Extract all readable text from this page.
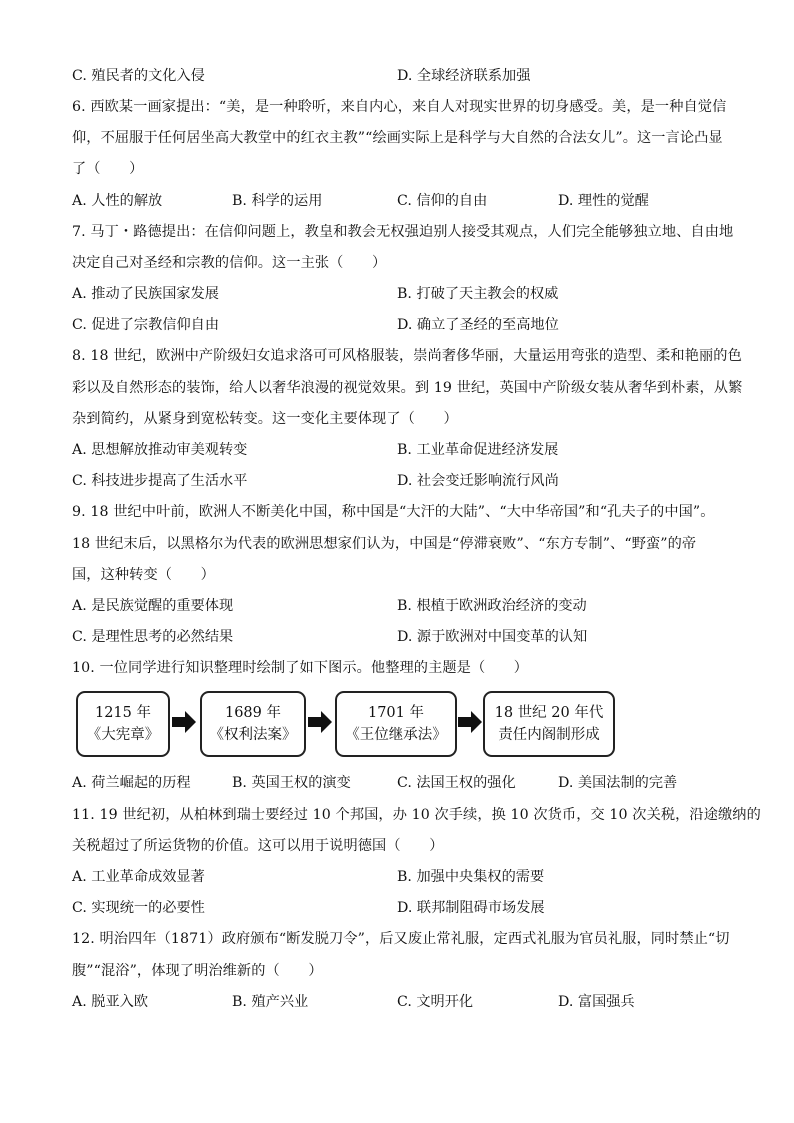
C. 殖民者的文化入侵	D. 全球经济联系加强
6. 西欧某一画家提出：“美，是一种聆听，来自内心，来自人对现实世界的切身感受。美，是一种自觉信
仰，不屈服于任何居坐高大教堂中的红衣主教”“绘画实际上是科学与大自然的合法女儿”。这一言论凸显
了（　　）
A. 人性的解放	B. 科学的运用	C. 信仰的自由	D. 理性的觉醒
7. 马丁・路德提出：在信仰问题上，教皇和教会无权强迫别人接受其观点，人们完全能够独立地、自由地
决定自己对圣经和宗教的信仰。这一主张（　　）
A. 推动了民族国家发展	B. 打破了天主教会的权威
C. 促进了宗教信仰自由	D. 确立了圣经的至高地位
8. 18 世纪，欧洲中产阶级妇女追求洛可可风格服装，崇尚奢侈华丽，大量运用弯张的造型、柔和艳丽的色
彩以及自然形态的装饰，给人以奢华浪漫的视觉效果。到 19 世纪，英国中产阶级女装从奢华到朴素，从繁
杂到简约，从紧身到宽松转变。这一变化主要体现了（　　）
A. 思想解放推动审美观转变	B. 工业革命促进经济发展
C. 科技进步提高了生活水平	D. 社会变迁影响流行风尚
9. 18 世纪中叶前，欧洲人不断美化中国，称中国是“大汗的大陆”、“大中华帝国”和“孔夫子的中国”。
18 世纪末后，以黑格尔为代表的欧洲思想家们认为，中国是“停滞衰败”、“东方专制”、“野蛮”的帝
国，这种转变（　　）
A. 是民族觉醒的重要体现	B. 根植于欧洲政治经济的变动
C. 是理性思考的必然结果	D. 源于欧洲对中国变革的认知
10. 一位同学进行知识整理时绘制了如下图示。他整理的主题是（　　）
1215 年
《大宪章》
1689 年
《权利法案》
1701 年
《王位继承法》
18 世纪 20 年代
责任内阁制形成
A. 荷兰崛起的历程	B. 英国王权的演变	C. 法国王权的强化	D. 美国法制的完善
11. 19 世纪初，从柏林到瑞士要经过 10 个邦国，办 10 次手续，换 10 次货币，交 10 次关税，沿途缴纳的
关税超过了所运货物的价值。这可以用于说明德国（　　）
A. 工业革命成效显著	B. 加强中央集权的需要
C. 实现统一的必要性	D. 联邦制阻碍市场发展
12. 明治四年（1871）政府颁布“断发脱刀令”，后又废止常礼服，定西式礼服为官员礼服，同时禁止“切
腹”“混浴”，体现了明治维新的（　　）
A. 脱亚入欧	B. 殖产兴业	C. 文明开化	D. 富国强兵
